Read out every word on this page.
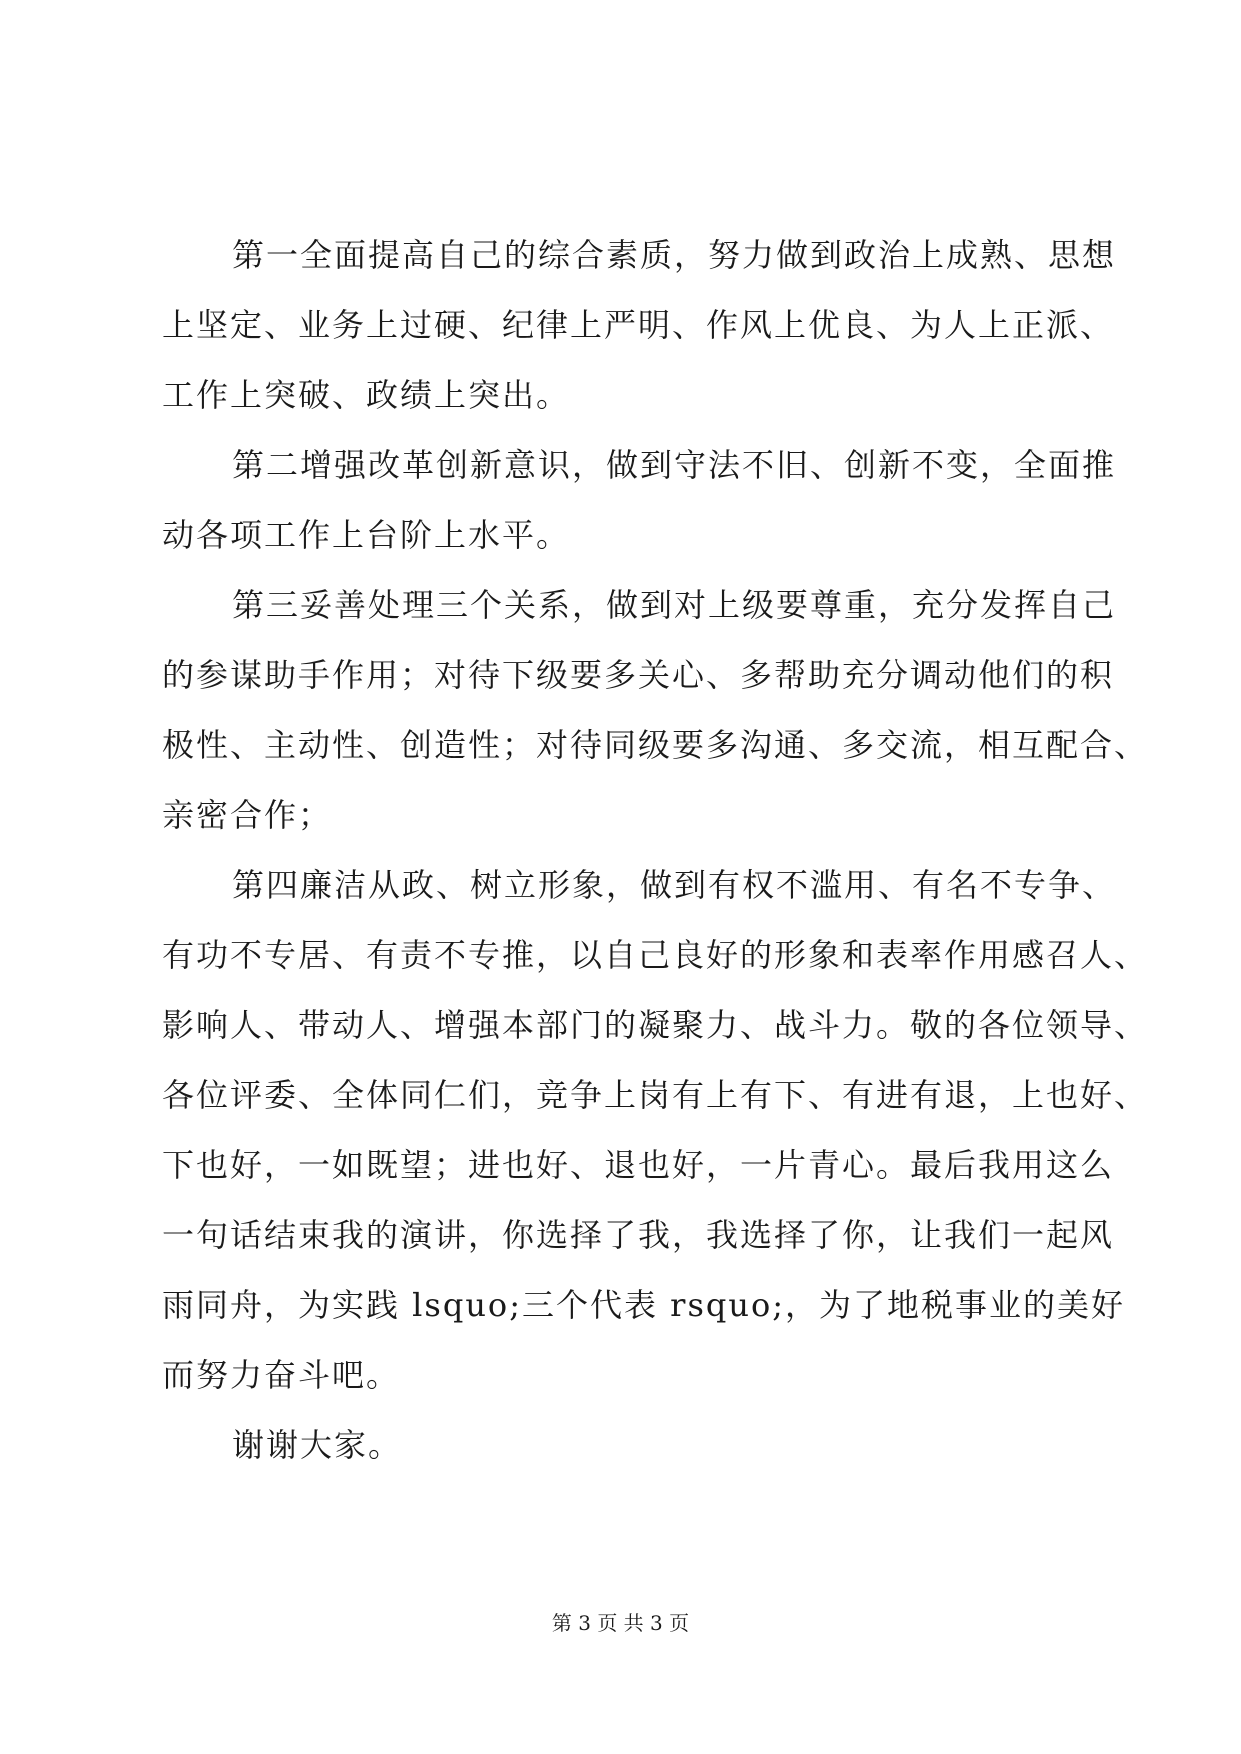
第一全面提高自己的综合素质，努力做到政治上成熟、思想
上坚定、业务上过硬、纪律上严明、作风上优良、为人上正派、
工作上突破、政绩上突出。
第二增强改革创新意识，做到守法不旧、创新不变，全面推
动各项工作上台阶上水平。
第三妥善处理三个关系，做到对上级要尊重，充分发挥自己
的参谋助手作用；对待下级要多关心、多帮助充分调动他们的积
极性、主动性、创造性；对待同级要多沟通、多交流，相互配合、
亲密合作；
第四廉洁从政、树立形象，做到有权不滥用、有名不专争、
有功不专居、有责不专推，以自己良好的形象和表率作用感召人、
影响人、带动人、增强本部门的凝聚力、战斗力。敬的各位领导、
各位评委、全体同仁们，竞争上岗有上有下、有进有退，上也好、
下也好，一如既望；进也好、退也好，一片青心。最后我用这么
一句话结束我的演讲，你选择了我，我选择了你，让我们一起风
雨同舟，为实践 lsquo;三个代表 rsquo;，为了地税事业的美好
而努力奋斗吧。
谢谢大家。
第 3 页 共 3 页
